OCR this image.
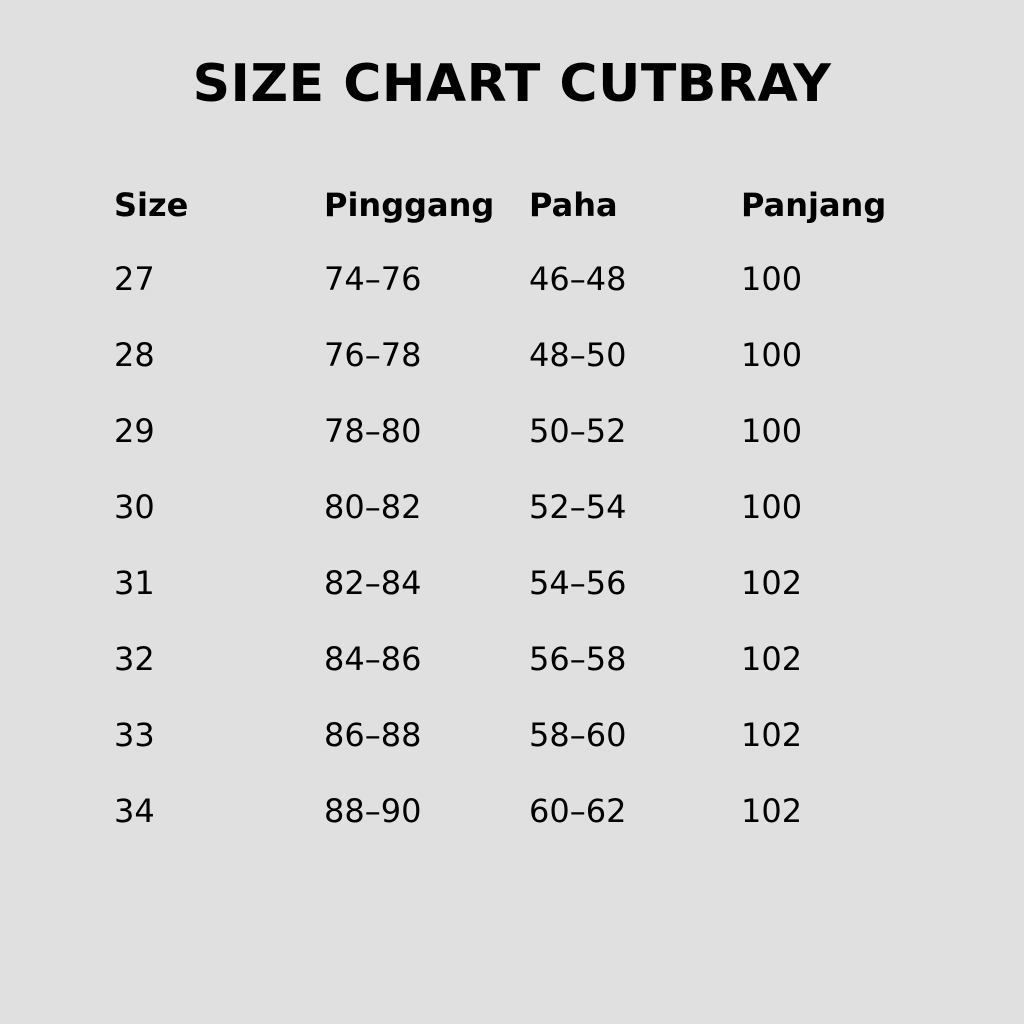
SIZE CHART CUTBRAY
Size	Pinggang	Paha	Panjang
27	74–76	46–48	100
28	76–78	48–50	100
29	78–80	50–52	100
30	80–82	52–54	100
31	82–84	54–56	102
32	84–86	56–58	102
33	86–88	58–60	102
34	88–90	60–62	102
